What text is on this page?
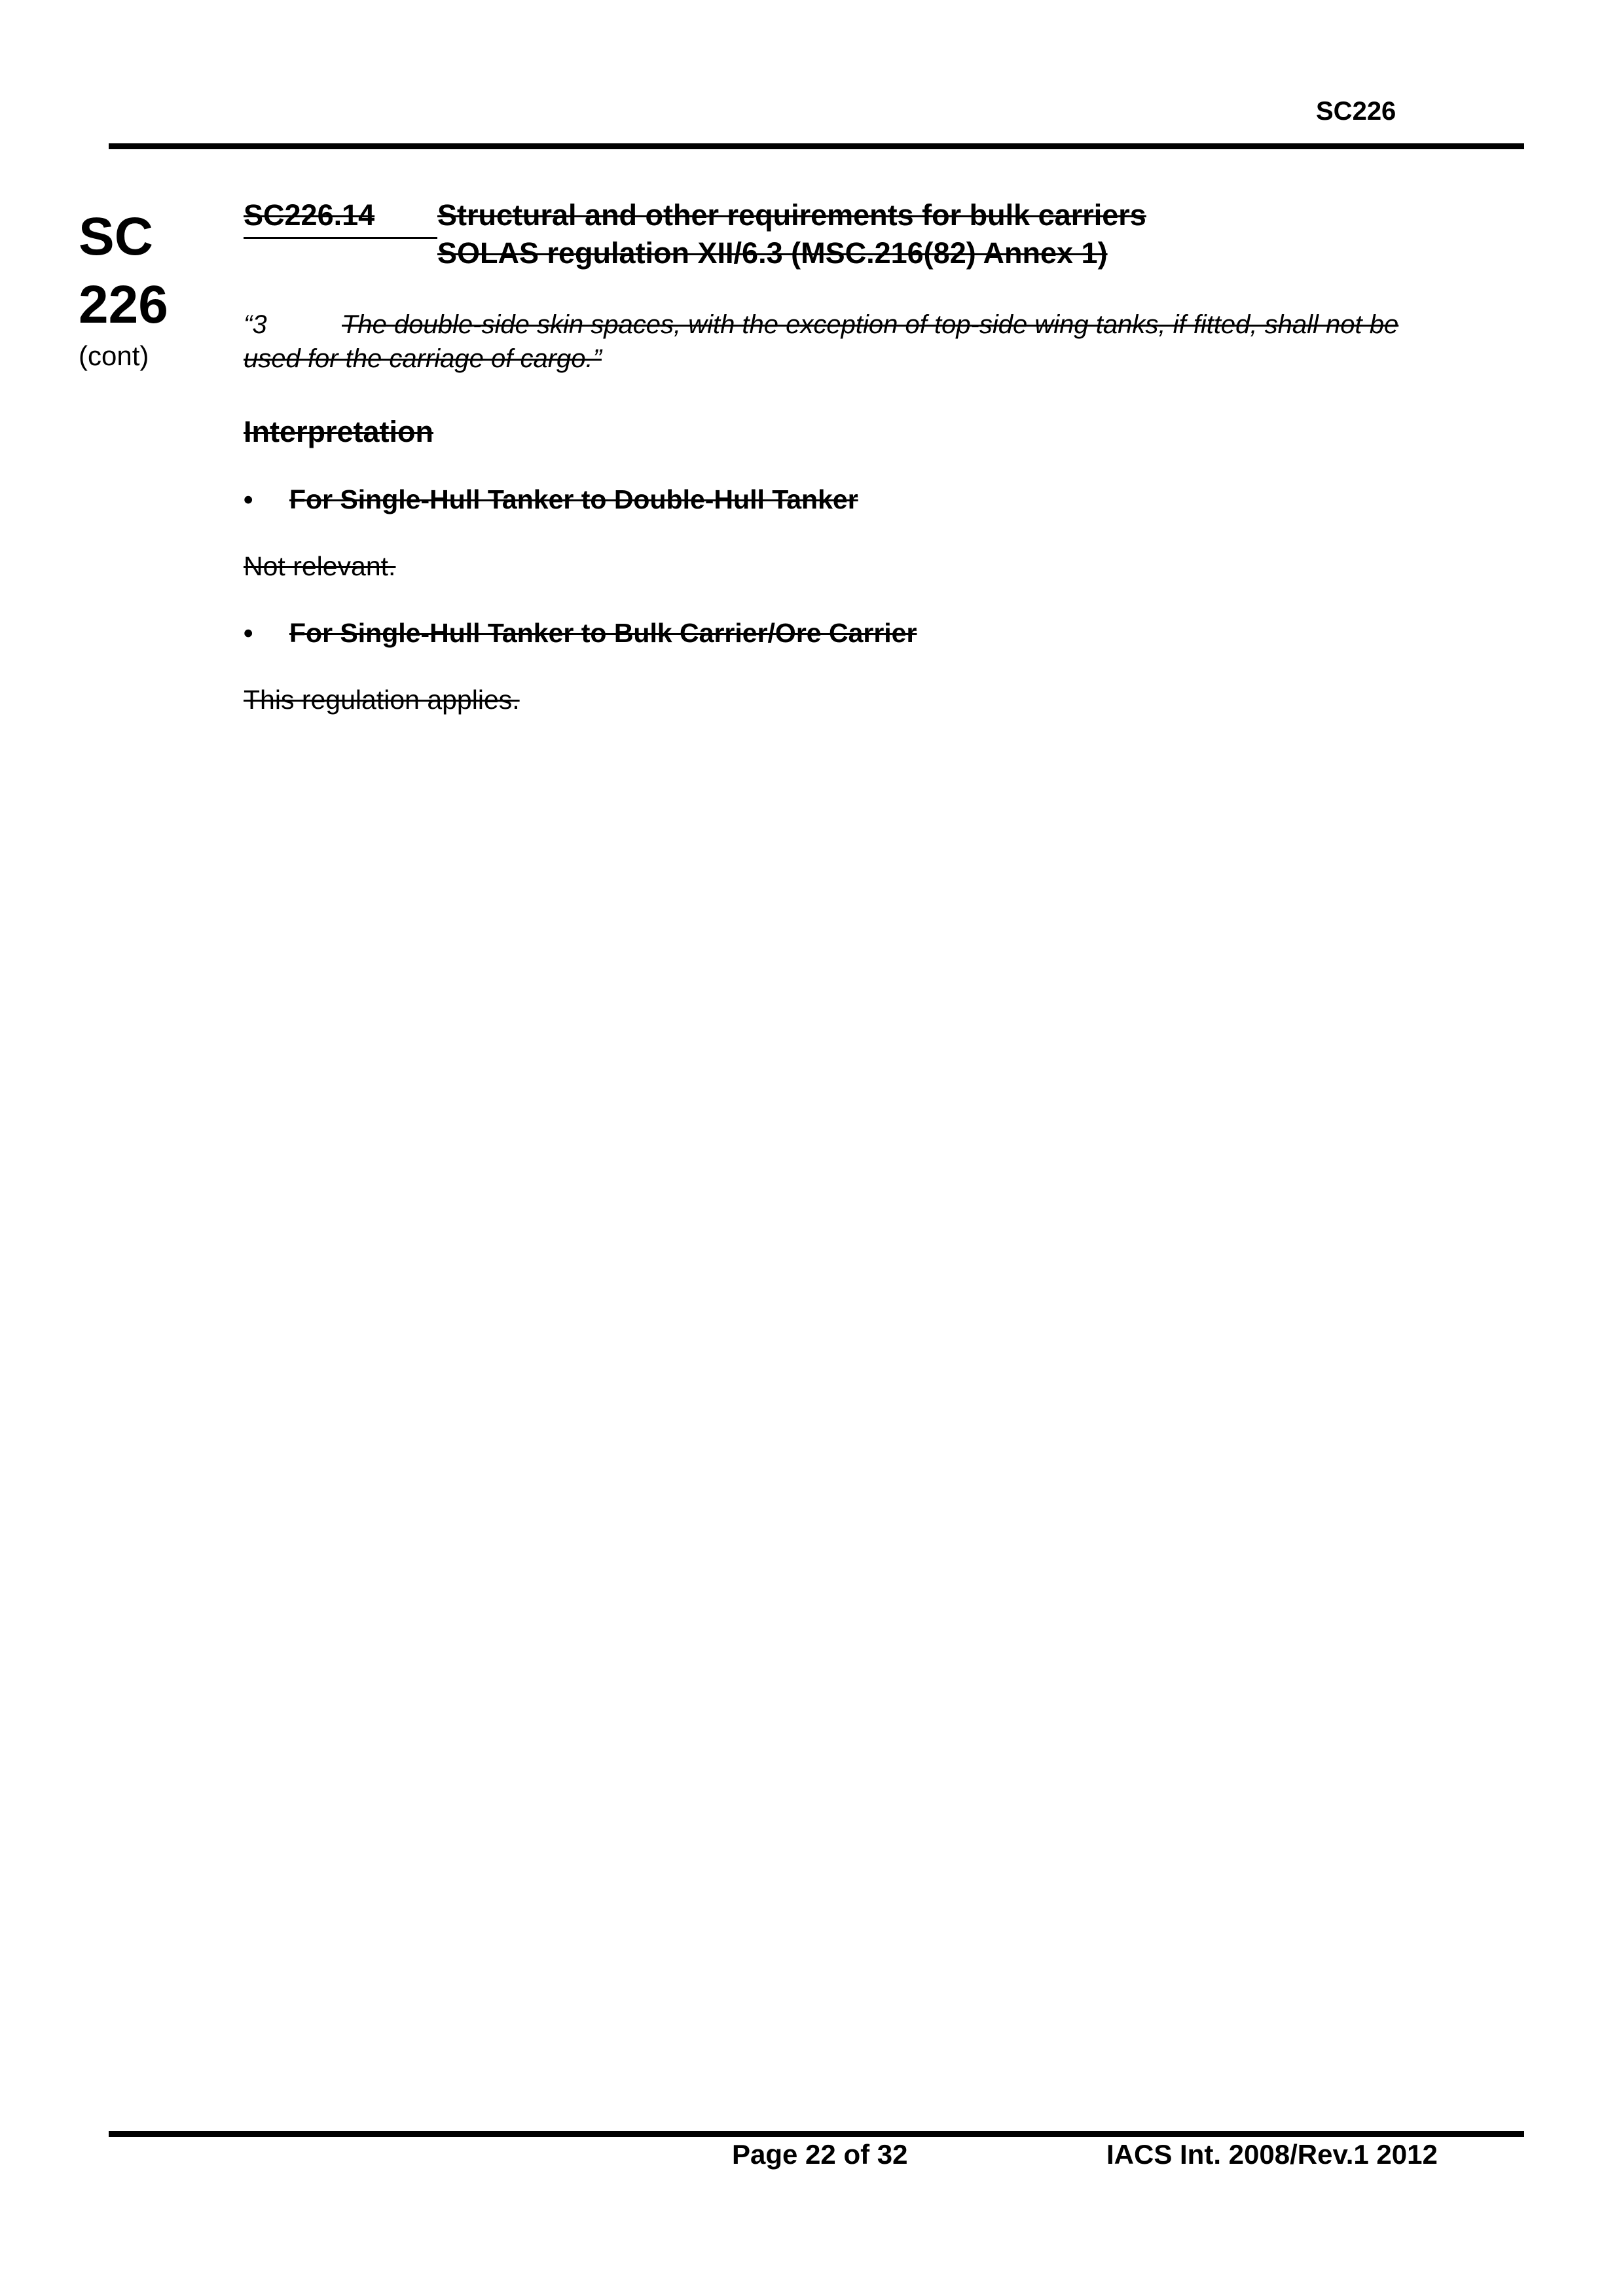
SC226
SC
226
(cont)
SC226.14 Structural and other requirements for bulk carriers
SOLAS regulation XII/6.3 (MSC.216(82) Annex 1)
“3	The double-side skin spaces, with the exception of top-side wing tanks, if fitted, shall not be used for the carriage of cargo.”
Interpretation
• For Single-Hull Tanker to Double-Hull Tanker
Not relevant.
• For Single-Hull Tanker to Bulk Carrier/Ore Carrier
This regulation applies.
Page 22 of 32	IACS Int. 2008/Rev.1 2012
